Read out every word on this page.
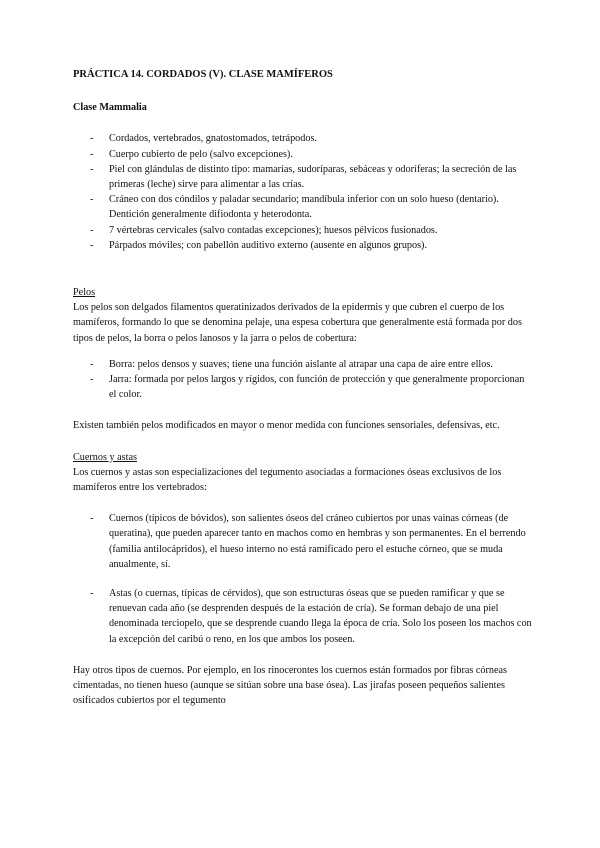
PRÁCTICA 14. CORDADOS (V). CLASE MAMÍFEROS

Clase Mammalia

- Cordados, vertebrados, gnatostomados, tetrápodos.
- Cuerpo cubierto de pelo (salvo excepciones).
- Piel con glándulas de distinto tipo: mamarias, sudoríparas, sebáceas y odoríferas; la secreción de las primeras (leche) sirve para alimentar a las crías.
- Cráneo con dos cóndilos y paladar secundario; mandíbula inferior con un solo hueso (dentario). Dentición generalmente difiodonta y heterodonta.
- 7 vértebras cervicales (salvo contadas excepciones); huesos pélvicos fusionados.
- Párpados móviles; con pabellón auditivo externo (ausente en algunos grupos).

Pelos

Los pelos son delgados filamentos queratinizados derivados de la epidermis y que cubren el cuerpo de los mamíferos, formando lo que se denomina pelaje, una espesa cobertura que generalmente está formada por dos tipos de pelos, la borra o pelos lanosos y la jarra o pelos de cobertura:

- Borra: pelos densos y suaves; tiene una función aislante al atrapar una capa de aire entre ellos.
- Jarra: formada por pelos largos y rígidos, con función de protección y que generalmente proporcionan el color.

Existen también pelos modificados en mayor o menor medida con funciones sensoriales, defensivas, etc.

Cuernos y astas

Los cuernos y astas son especializaciones del tegumento asociadas a formaciones óseas exclusivos de los mamíferos entre los vertebrados:

- Cuernos (típicos de bóvidos), son salientes óseos del cráneo cubiertos por unas vainas córneas (de queratina), que pueden aparecer tanto en machos como en hembras y son permanentes. En el berrendo (familia antilocápridos), el hueso interno no está ramificado pero el estuche córneo, que se muda anualmente, sí.
- Astas (o cuernas, típicas de cérvidos), que son estructuras óseas que se pueden ramificar y que se renuevan cada año (se desprenden después de la estación de cría). Se forman debajo de una piel denominada terciopelo, que se desprende cuando llega la época de cría. Solo los poseen los machos con la excepción del caribú o reno, en los que ambos los poseen.

Hay otros tipos de cuernos. Por ejemplo, en los rinocerontes los cuernos están formados por fibras córneas cimentadas, no tienen hueso (aunque se sitúan sobre una base ósea). Las jirafas poseen pequeños salientes osificados cubiertos por el tegumento
